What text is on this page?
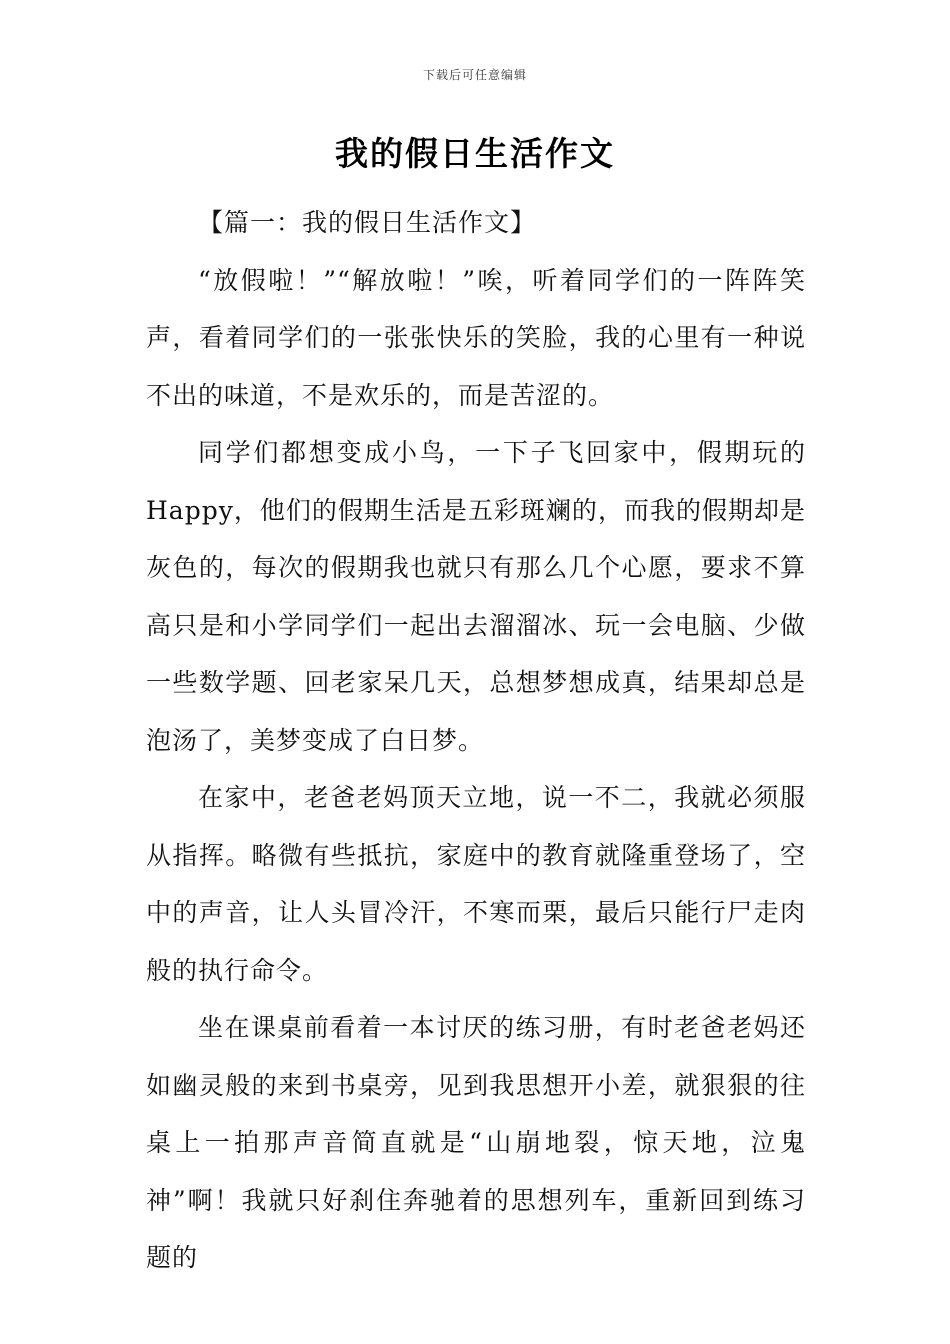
下载后可任意编辑
我的假日生活作文

【篇一：我的假日生活作文】

“放假啦！”“解放啦！”唉，听着同学们的一阵阵笑声，看着同学们的一张张快乐的笑脸，我的心里有一种说不出的味道，不是欢乐的，而是苦涩的。

同学们都想变成小鸟，一下子飞回家中，假期玩的Happy，他们的假期生活是五彩斑斓的，而我的假期却是灰色的，每次的假期我也就只有那么几个心愿，要求不算高只是和小学同学们一起出去溜溜冰、玩一会电脑、少做一些数学题、回老家呆几天，总想梦想成真，结果却总是泡汤了，美梦变成了白日梦。

在家中，老爸老妈顶天立地，说一不二，我就必须服从指挥。略微有些抵抗，家庭中的教育就隆重登场了，空中的声音，让人头冒冷汗，不寒而栗，最后只能行尸走肉般的执行命令。

坐在课桌前看着一本讨厌的练习册，有时老爸老妈还如幽灵般的来到书桌旁，见到我思想开小差，就狠狠的往桌上一拍那声音简直就是“山崩地裂，惊天地，泣鬼神”啊！我就只好刹住奔驰着的思想列车，重新回到练习题的
